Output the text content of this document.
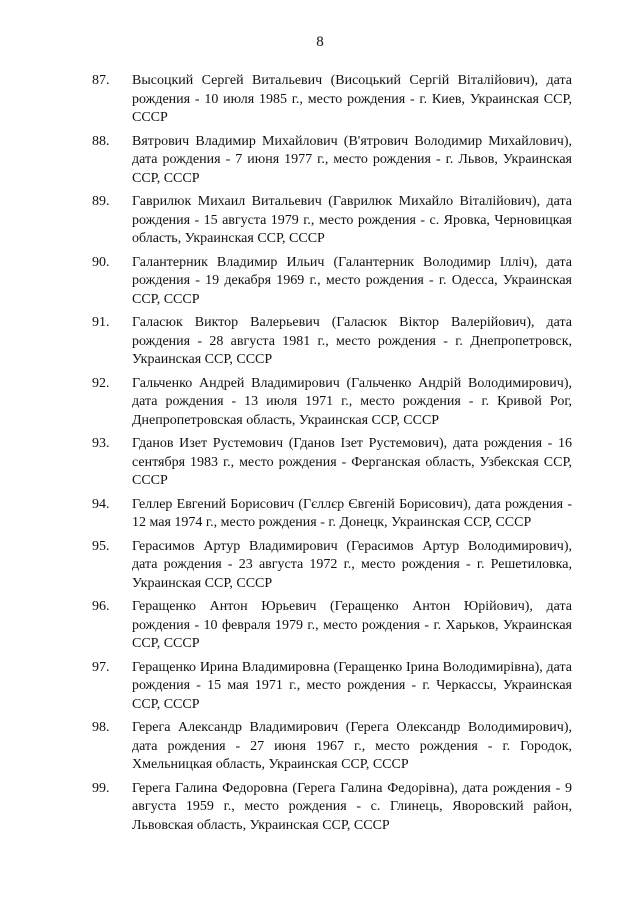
8
87.	Высоцкий Сергей Витальевич (Висоцький Сергій Віталійович), дата рождения - 10 июля 1985 г., место рождения - г. Киев, Украинская ССР, СССР
88.	Вятрович Владимир Михайлович (В'ятрович Володимир Михайлович), дата рождения - 7 июня 1977 г., место рождения - г. Львов, Украинская ССР, СССР
89.	Гаврилюк Михаил Витальевич (Гаврилюк Михайло Віталійович), дата рождения - 15 августа 1979 г., место рождения - с. Яровка, Черновицкая область, Украинская ССР, СССР
90.	Галантерник Владимир Ильич (Галантерник Володимир Ілліч), дата рождения - 19 декабря 1969 г., место рождения - г. Одесса, Украинская ССР, СССР
91.	Галасюк Виктор Валерьевич (Галасюк Віктор Валерійович), дата рождения - 28 августа 1981 г., место рождения - г. Днепропетровск, Украинская ССР, СССР
92.	Гальченко Андрей Владимирович (Гальченко Андрій Володимирович), дата рождения - 13 июля 1971 г., место рождения - г. Кривой Рог, Днепропетровская область, Украинская ССР, СССР
93.	Гданов Изет Рустемович (Гданов Ізет Рустемович), дата рождения - 16 сентября 1983 г., место рождения - Ферганская область, Узбекская ССР, СССР
94.	Геллер Евгений Борисович (Гєллєр Євгеній Борисович), дата рождения - 12 мая 1974 г., место рождения - г. Донецк, Украинская ССР, СССР
95.	Герасимов Артур Владимирович (Герасимов Артур Володимирович), дата рождения - 23 августа 1972 г., место рождения - г. Решетиловка, Украинская ССР, СССР
96.	Геращенко Антон Юрьевич (Геращенко Антон Юрійович), дата рождения - 10 февраля 1979 г., место рождения - г. Харьков, Украинская ССР, СССР
97.	Геращенко Ирина Владимировна (Геращенко Ірина Володимирівна), дата рождения - 15 мая 1971 г., место рождения - г. Черкассы, Украинская ССР, СССР
98.	Герега Александр Владимирович (Герега Олександр Володимирович), дата рождения - 27 июня 1967 г., место рождения - г. Городок, Хмельницкая область, Украинская ССР, СССР
99.	Герега Галина Федоровна (Герега Галина Федорівна), дата рождения - 9 августа 1959 г., место рождения - с. Глинець, Яворовский район, Львовская область, Украинская ССР, СССР
